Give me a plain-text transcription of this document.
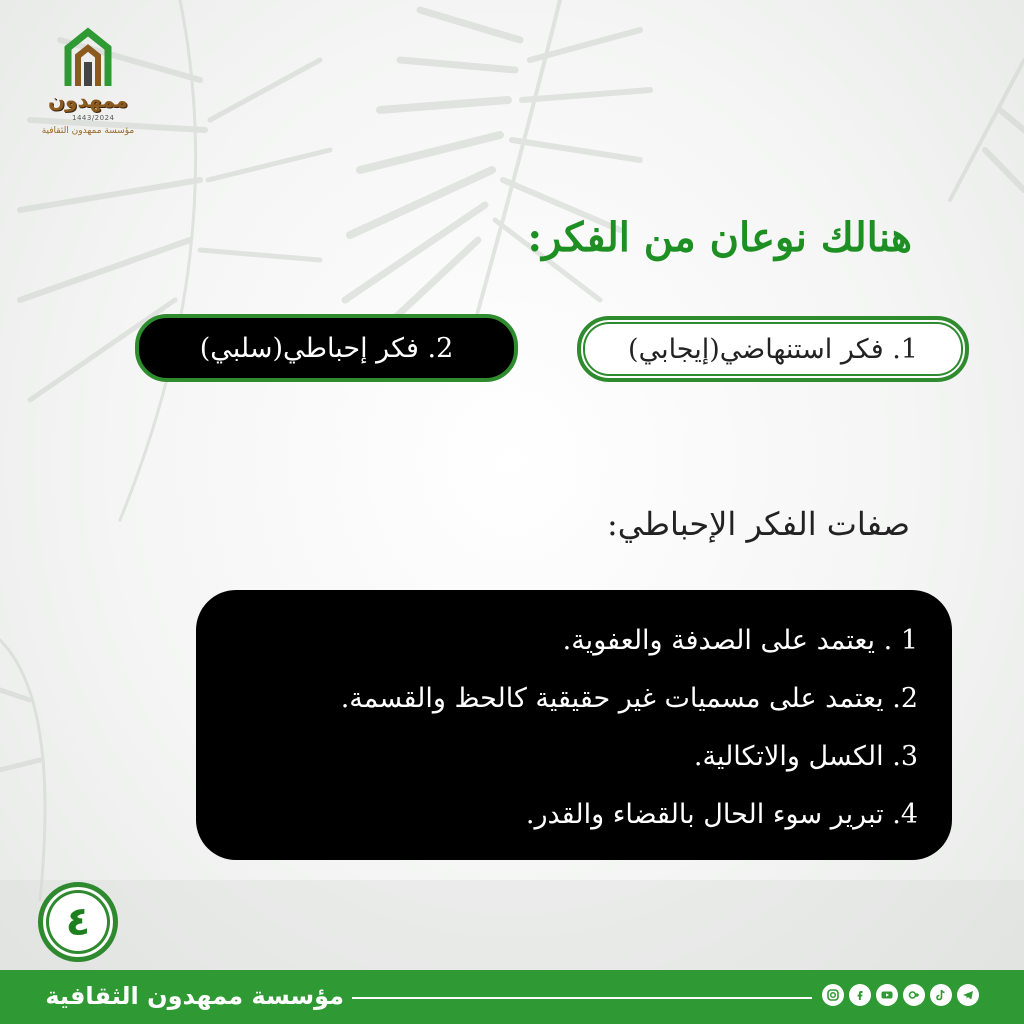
ممهدون
1443/2024
مؤسسة ممهدون الثقافية
هنالك نوعان من الفكر:
1. فكر استنهاضي(إيجابي)
2. فكر إحباطي(سلبي)
صفات الفكر الإحباطي:
1 . يعتمد على الصدفة والعفوية.
2. يعتمد على مسميات غير حقيقية كالحظ والقسمة.
3. الكسل والاتكالية.
4. تبرير سوء الحال بالقضاء والقدر.
٤
مؤسسة ممهدون الثقافية
